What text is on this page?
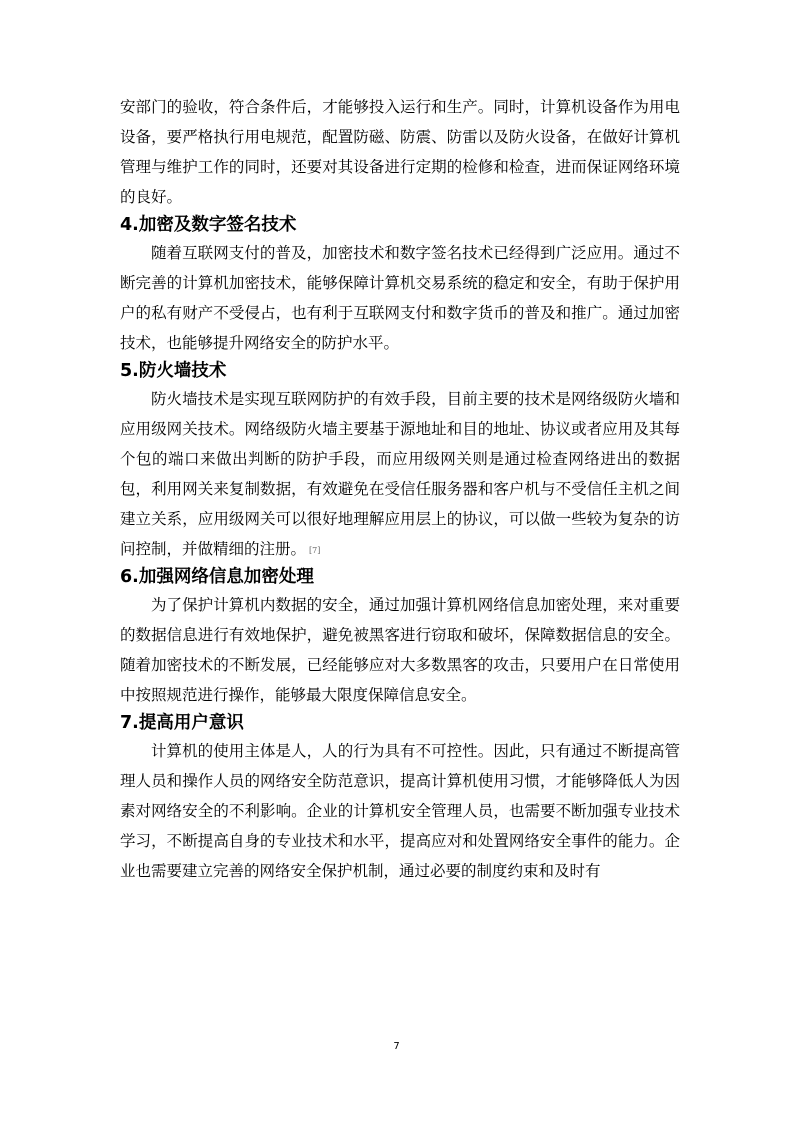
安部门的验收，符合条件后，才能够投入运行和生产。同时，计算机设备作为用电设备，要严格执行用电规范，配置防磁、防震、防雷以及防火设备，在做好计算机管理与维护工作的同时，还要对其设备进行定期的检修和检查，进而保证网络环境的良好。

4.加密及数字签名技术

随着互联网支付的普及，加密技术和数字签名技术已经得到广泛应用。通过不断完善的计算机加密技术，能够保障计算机交易系统的稳定和安全，有助于保护用户的私有财产不受侵占，也有利于互联网支付和数字货币的普及和推广。通过加密技术，也能够提升网络安全的防护水平。

5.防火墙技术

防火墙技术是实现互联网防护的有效手段，目前主要的技术是网络级防火墙和应用级网关技术。网络级防火墙主要基于源地址和目的地址、协议或者应用及其每个包的端口来做出判断的防护手段，而应用级网关则是通过检查网络进出的数据包，利用网关来复制数据，有效避免在受信任服务器和客户机与不受信任主机之间建立关系，应用级网关可以很好地理解应用层上的协议，可以做一些较为复杂的访问控制，并做精细的注册。 [7]

6.加强网络信息加密处理

为了保护计算机内数据的安全，通过加强计算机网络信息加密处理，来对重要的数据信息进行有效地保护，避免被黑客进行窃取和破坏，保障数据信息的安全。随着加密技术的不断发展，已经能够应对大多数黑客的攻击，只要用户在日常使用中按照规范进行操作，能够最大限度保障信息安全。

7.提高用户意识

计算机的使用主体是人，人的行为具有不可控性。因此，只有通过不断提高管理人员和操作人员的网络安全防范意识，提高计算机使用习惯，才能够降低人为因素对网络安全的不利影响。企业的计算机安全管理人员，也需要不断加强专业技术学习，不断提高自身的专业技术和水平，提高应对和处置网络安全事件的能力。企业也需要建立完善的网络安全保护机制，通过必要的制度约束和及时有

7
